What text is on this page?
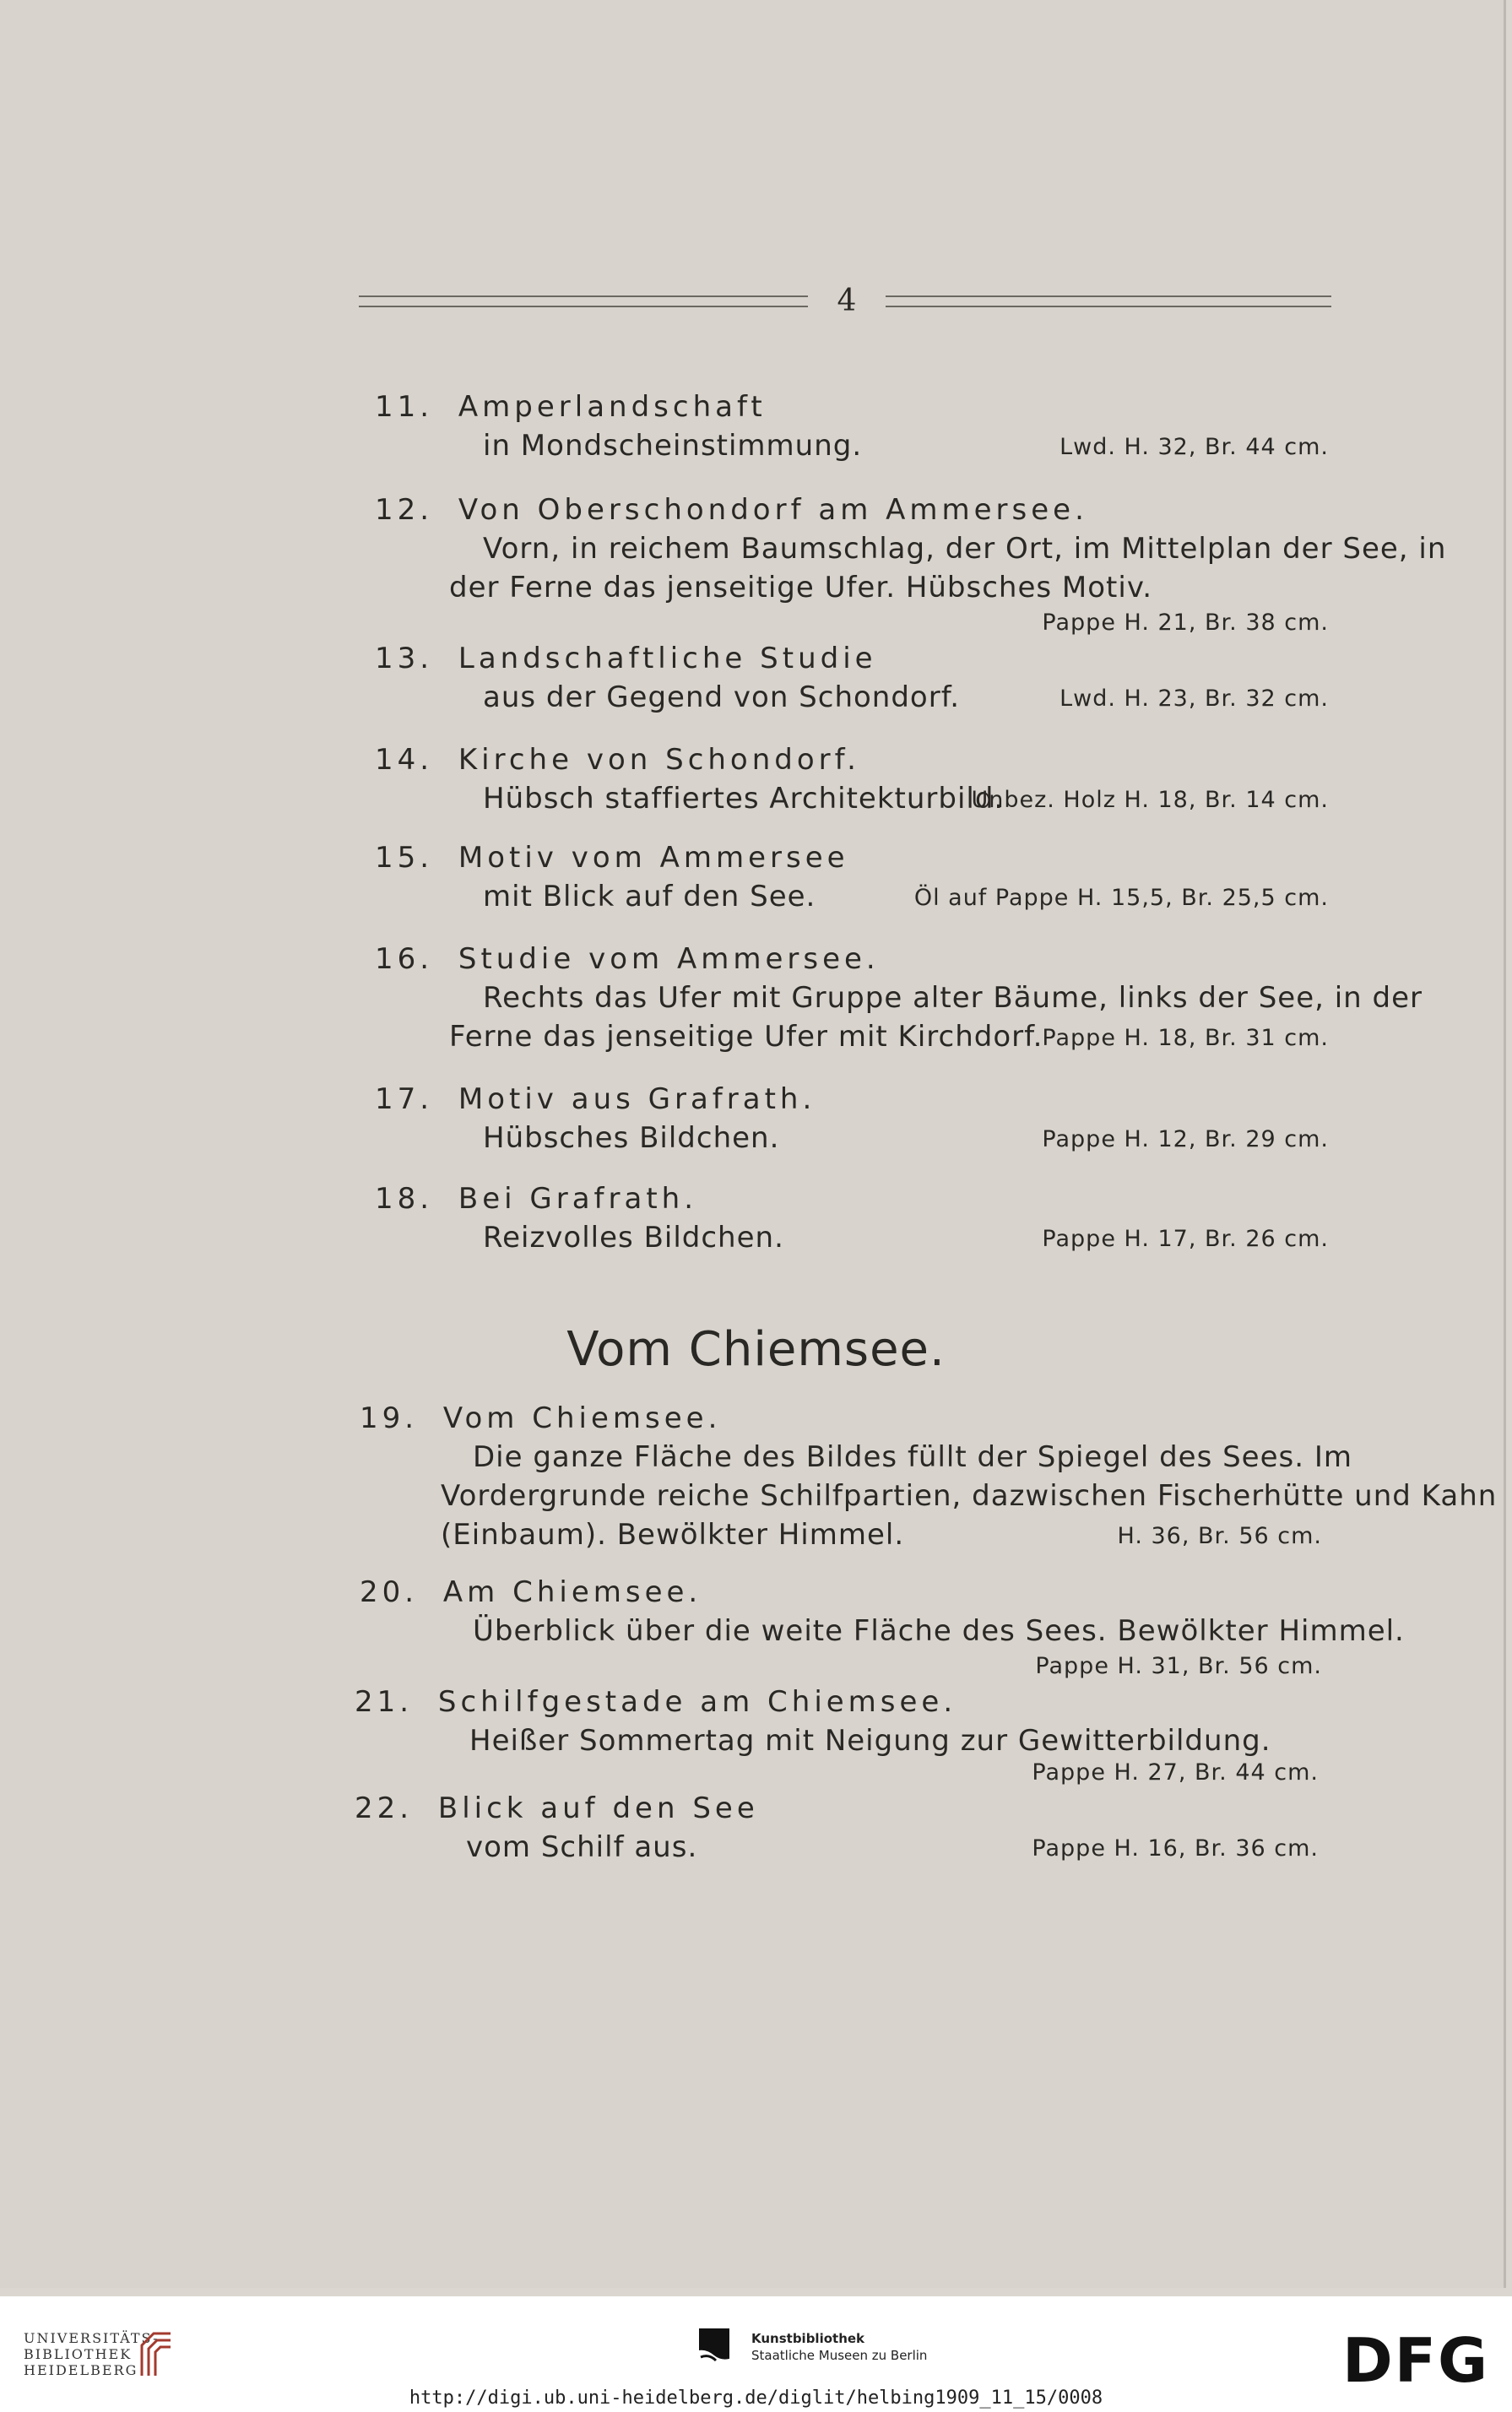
4
11. Amperlandschaft
in Mondscheinstimmung.	Lwd. H. 32, Br. 44 cm.
12. Von Oberschondorf am Ammersee.
Vorn, in reichem Baumschlag, der Ort, im Mittelplan der See, in
der Ferne das jenseitige Ufer. Hübsches Motiv.
Pappe H. 21, Br. 38 cm.
13. Landschaftliche Studie
aus der Gegend von Schondorf.	Lwd. H. 23, Br. 32 cm.
14. Kirche von Schondorf.
Hübsch staffiertes Architekturbild.
Unbez. Holz H. 18, Br. 14 cm.
15. Motiv vom Ammersee
mit Blick auf den See.	Öl auf Pappe H. 15,5, Br. 25,5 cm.
16. Studie vom Ammersee.
Rechts das Ufer mit Gruppe alter Bäume, links der See, in der
Ferne das jenseitige Ufer mit Kirchdorf.
Pappe H. 18, Br. 31 cm.
17. Motiv aus Grafrath.
Hübsches Bildchen.	Pappe H. 12, Br. 29 cm.
18. Bei Grafrath.
Reizvolles Bildchen.	Pappe H. 17, Br. 26 cm.
Vom Chiemsee.
19. Vom Chiemsee.
Die ganze Fläche des Bildes füllt der Spiegel des Sees. Im
Vordergrunde reiche Schilfpartien, dazwischen Fischerhütte und Kahn
(Einbaum). Bewölkter Himmel.	H. 36, Br. 56 cm.
20. Am Chiemsee.
Überblick über die weite Fläche des Sees. Bewölkter Himmel.
Pappe H. 31, Br. 56 cm.
21. Schilfgestade am Chiemsee.
Heißer Sommertag mit Neigung zur Gewitterbildung.
Pappe H. 27, Br. 44 cm.
22. Blick auf den See
vom Schilf aus.	Pappe H. 16, Br. 36 cm.
UNIVERSITÄTS-
BIBLIOTHEK
HEIDELBERG
Kunstbibliothek
Staatliche Museen zu Berlin	DFG
http://digi.ub.uni-heidelberg.de/diglit/helbing1909_11_15/0008
